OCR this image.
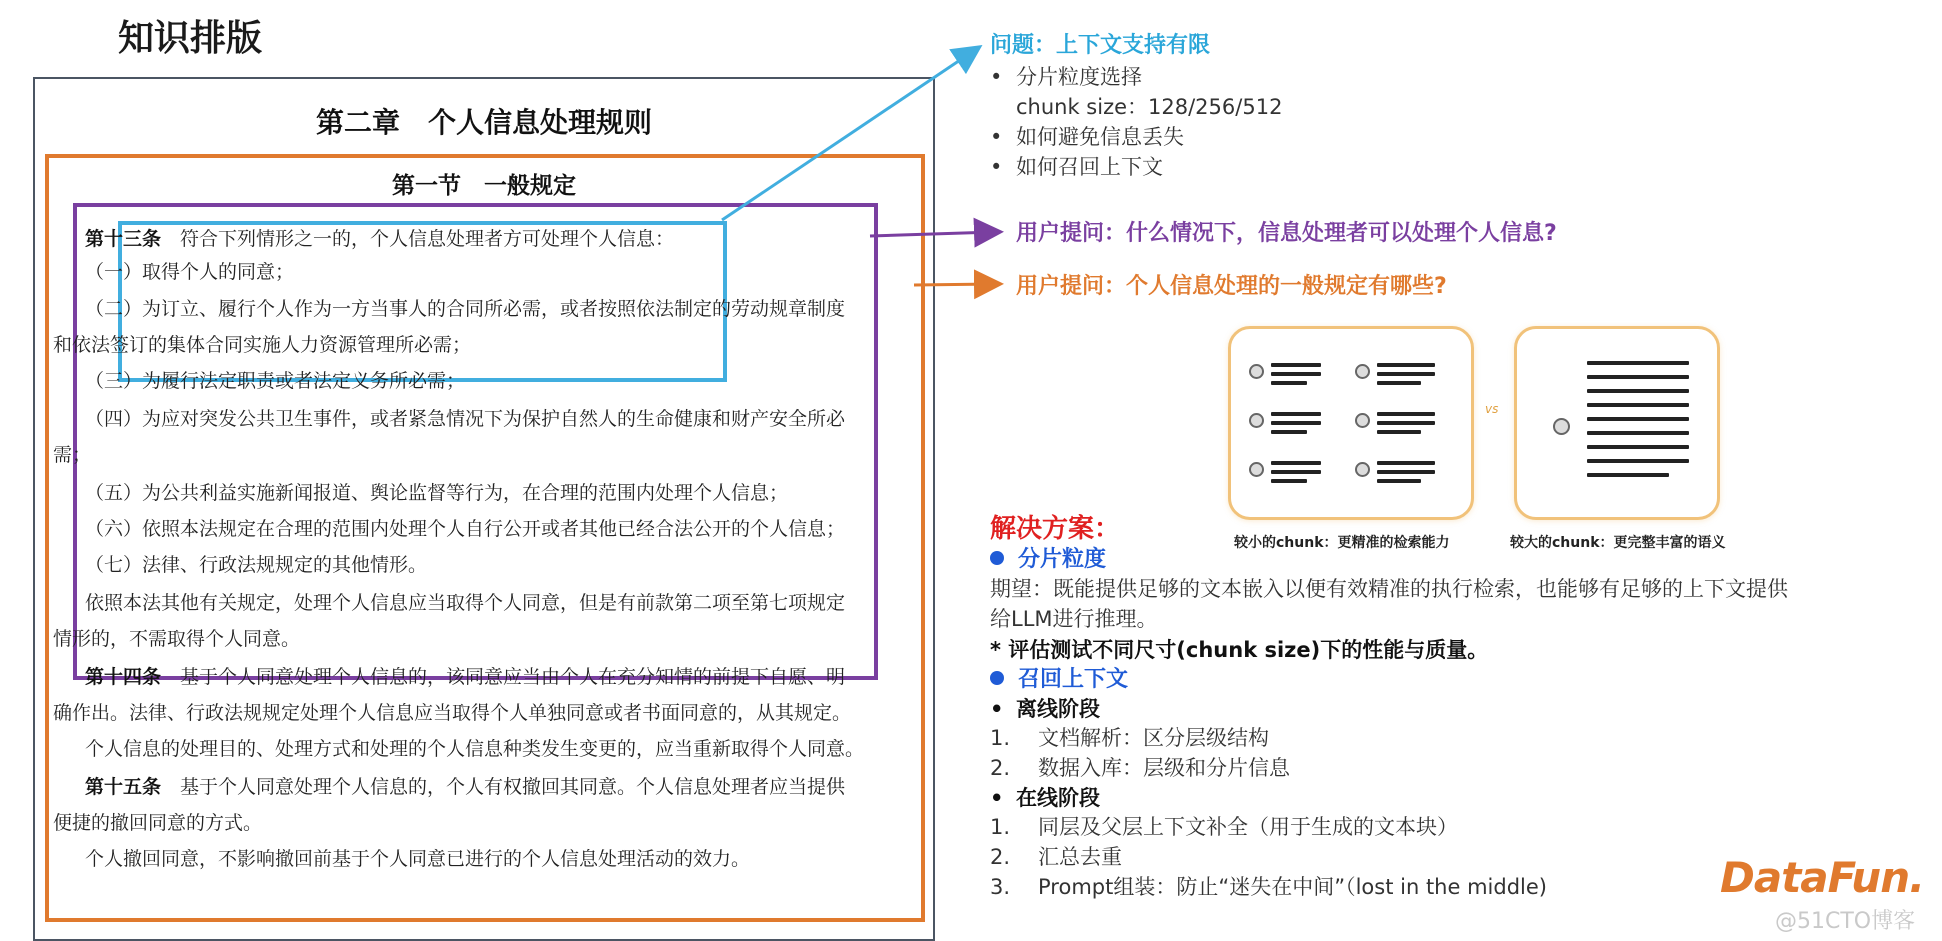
知识排版
第二章　个人信息处理规则
第一节　一般规定
第十三条　符合下列情形之一的，个人信息处理者方可处理个人信息：
（一）取得个人的同意；
（二）为订立、履行个人作为一方当事人的合同所必需，或者按照依法制定的劳动规章制度
和依法签订的集体合同实施人力资源管理所必需；
（三）为履行法定职责或者法定义务所必需；
（四）为应对突发公共卫生事件，或者紧急情况下为保护自然人的生命健康和财产安全所必
需；
（五）为公共利益实施新闻报道、舆论监督等行为，在合理的范围内处理个人信息；
（六）依照本法规定在合理的范围内处理个人自行公开或者其他已经合法公开的个人信息；
（七）法律、行政法规规定的其他情形。
依照本法其他有关规定，处理个人信息应当取得个人同意，但是有前款第二项至第七项规定
情形的，不需取得个人同意。
第十四条　基于个人同意处理个人信息的，该同意应当由个人在充分知情的前提下自愿、明
确作出。法律、行政法规规定处理个人信息应当取得个人单独同意或者书面同意的，从其规定。
个人信息的处理目的、处理方式和处理的个人信息种类发生变更的，应当重新取得个人同意。
第十五条　基于个人同意处理个人信息的，个人有权撤回其同意。个人信息处理者应当提供
便捷的撤回同意的方式。
个人撤回同意，不影响撤回前基于个人同意已进行的个人信息处理活动的效力。
问题：上下文支持有限
• 分片粒度选择
chunk size：128/256/512
• 如何避免信息丢失
• 如何召回上下文
用户提问：什么情况下，信息处理者可以处理个人信息?
用户提问：个人信息处理的一般规定有哪些?
vs
较小的chunk：更精准的检索能力	较大的chunk：更完整丰富的语义
解决方案：
分片粒度
期望：既能提供足够的文本嵌入以便有效精准的执行检索，也能够有足够的上下文提供
给LLM进行推理。
* 评估测试不同尺寸(chunk size)下的性能与质量。
召回上下文
• 离线阶段
1. 文档解析：区分层级结构
2. 数据入库：层级和分片信息
• 在线阶段
1. 同层及父层上下文补全（用于生成的文本块）
2. 汇总去重
3. Prompt组装：防止“迷失在中间”（lost in the middle)	DataFun.
@51CTO博客
